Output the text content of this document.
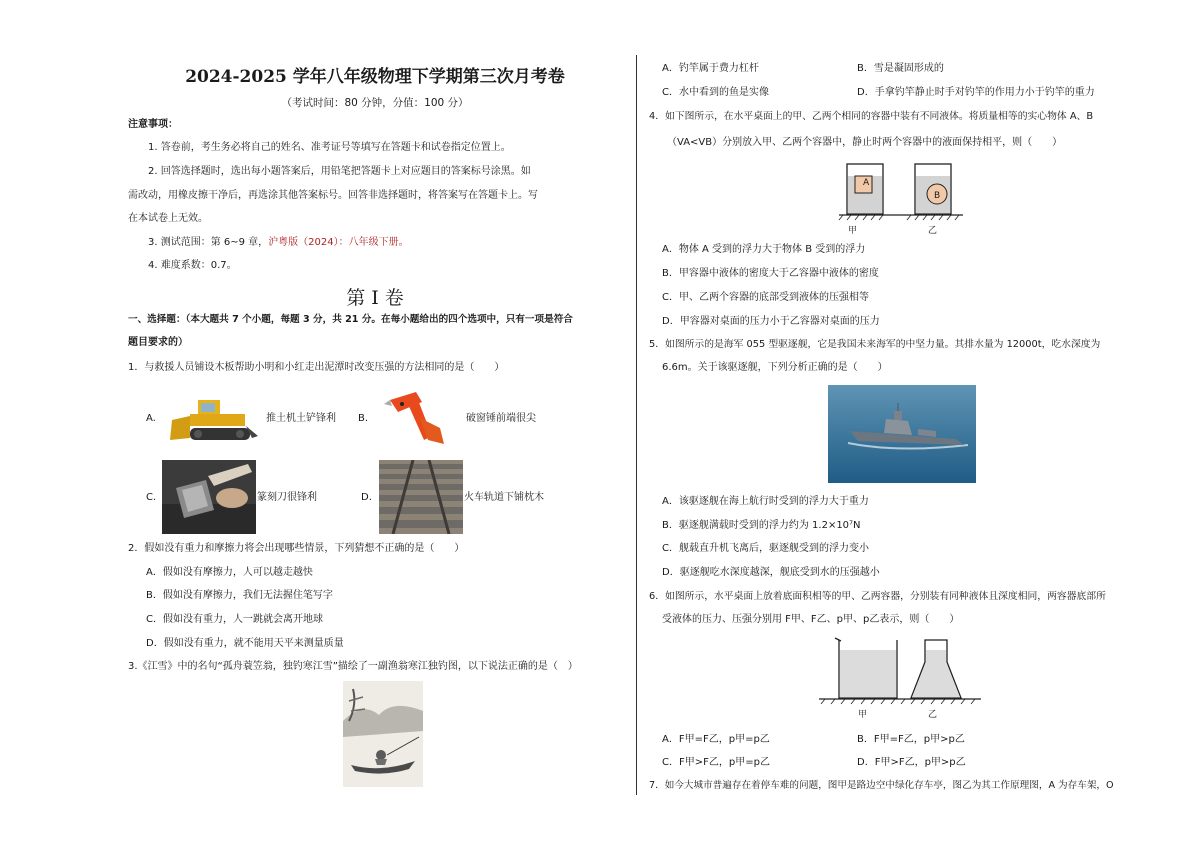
2024-2025 学年八年级物理下学期第三次月考卷
（考试时间：80 分钟，分值：100 分）
注意事项：
1. 答卷前，考生务必将自己的姓名、准考证号等填写在答题卡和试卷指定位置上。
2. 回答选择题时，选出每小题答案后，用铅笔把答题卡上对应题目的答案标号涂黑。如
需改动，用橡皮擦干净后，再选涂其他答案标号。回答非选择题时，将答案写在答题卡上。写
在本试卷上无效。
3. 测试范围：第 6~9 章，沪粤版（2024）：八年级下册。
4. 难度系数：0.7。
第 I 卷
一、选择题：（本大题共 7 个小题，每题 3 分，共 21 分。在每小题给出的四个选项中，只有一项是符合
题目要求的）
1．与救援人员铺设木板帮助小明和小红走出泥潭时改变压强的方法相同的是（　　）
A.	推土机土铲锋利 B.	破窗锤前端很尖
C.	篆刻刀很锋利	D.	火车轨道下铺枕木
2．假如没有重力和摩擦力将会出现哪些情景，下列猜想不正确的是（　　）
A．假如没有摩擦力，人可以越走越快
B．假如没有摩擦力，我们无法握住笔写字
C．假如没有重力，人一跳就会离开地球
D．假如没有重力，就不能用天平来测量质量
3.《江雪》中的名句“孤舟蓑笠翁，独钓寒江雪”描绘了一副渔翁寒江独钓图，以下说法正确的是（　）
A．钓竿属于费力杠杆	B．雪是凝固形成的
C．水中看到的鱼是实像	D．手拿钓竿静止时手对钓竿的作用力小于钓竿的重力
4．如下图所示，在水平桌面上的甲、乙两个相同的容器中装有不同液体。将质量相等的实心物体 A、B
（VA<VB）分别放入甲、乙两个容器中，静止时两个容器中的液面保持相平，则（　　）
A
B
甲	乙
A．物体 A 受到的浮力大于物体 B 受到的浮力
B．甲容器中液体的密度大于乙容器中液体的密度
C．甲、乙两个容器的底部受到液体的压强相等
D．甲容器对桌面的压力小于乙容器对桌面的压力
5．如图所示的是海军 055 型驱逐舰，它是我国未来海军的中坚力量。其排水量为 12000t，吃水深度为
6.6m。关于该驱逐舰，下列分析正确的是（　　）
A．该驱逐舰在海上航行时受到的浮力大于重力
B．驱逐舰满载时受到的浮力约为 1.2×10⁷N
C．舰载直升机飞离后，驱逐舰受到的浮力变小
D．驱逐舰吃水深度越深，舰底受到水的压强越小
6．如图所示，水平桌面上放着底面积相等的甲、乙两容器，分别装有同种液体且深度相同，两容器底部所
受液体的压力、压强分别用 F甲、F乙、p甲、p乙表示，则（　　）
甲	乙
A．F甲=F乙，p甲=p乙	B．F甲=F乙，p甲>p乙
C．F甲>F乙，p甲=p乙	D．F甲>F乙，p甲>p乙
7．如今大城市普遍存在着停车难的问题，图甲是路边空中绿化存车亭，图乙为其工作原理图，A 为存车架，O
